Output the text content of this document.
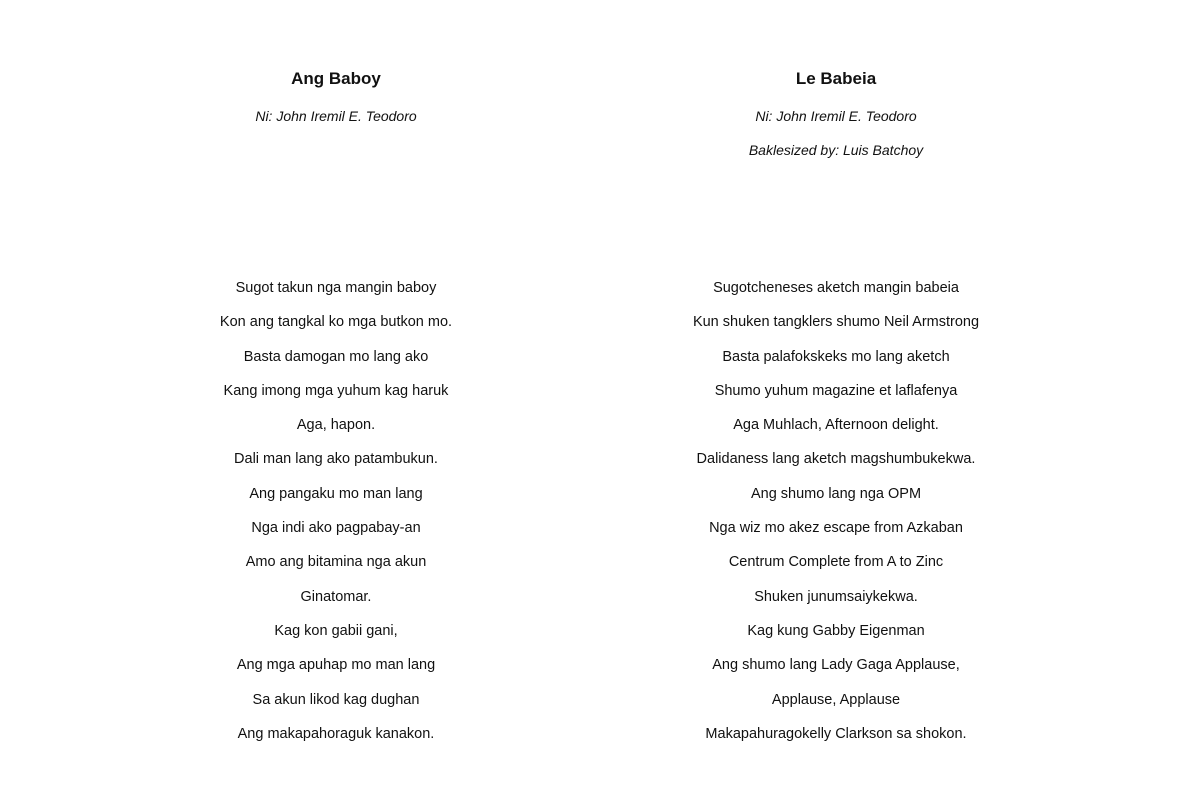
Ang Baboy

Ni: John Iremil E. Teodoro

Sugot takun nga mangin baboy
Kon ang tangkal ko mga butkon mo.
Basta damogan mo lang ako
Kang imong mga yuhum kag haruk
Aga, hapon.
Dali man lang ako patambukun.
Ang pangaku mo man lang
Nga indi ako pagpabay-an
Amo ang bitamina nga akun
Ginatomar.
Kag kon gabii gani,
Ang mga apuhap mo man lang
Sa akun likod kag dughan
Ang makapahoraguk kanakon.
Le Babeia

Ni: John Iremil E. Teodoro

Baklesized by: Luis Batchoy

Sugotcheneses aketch mangin babeia
Kun shuken tangklers shumo Neil Armstrong
Basta palafokskeks mo lang aketch
Shumo yuhum magazine et laflafenya
Aga Muhlach, Afternoon delight.
Dalidaness lang aketch magshumbukekwa.
Ang shumo lang nga OPM
Nga wiz mo akez escape from Azkaban
Centrum Complete from A to Zinc
Shuken junumsaiykekwa.
Kag kung Gabby Eigenman
Ang shumo lang Lady Gaga Applause,
Applause, Applause
Makapahuragokelly Clarkson sa shokon.
